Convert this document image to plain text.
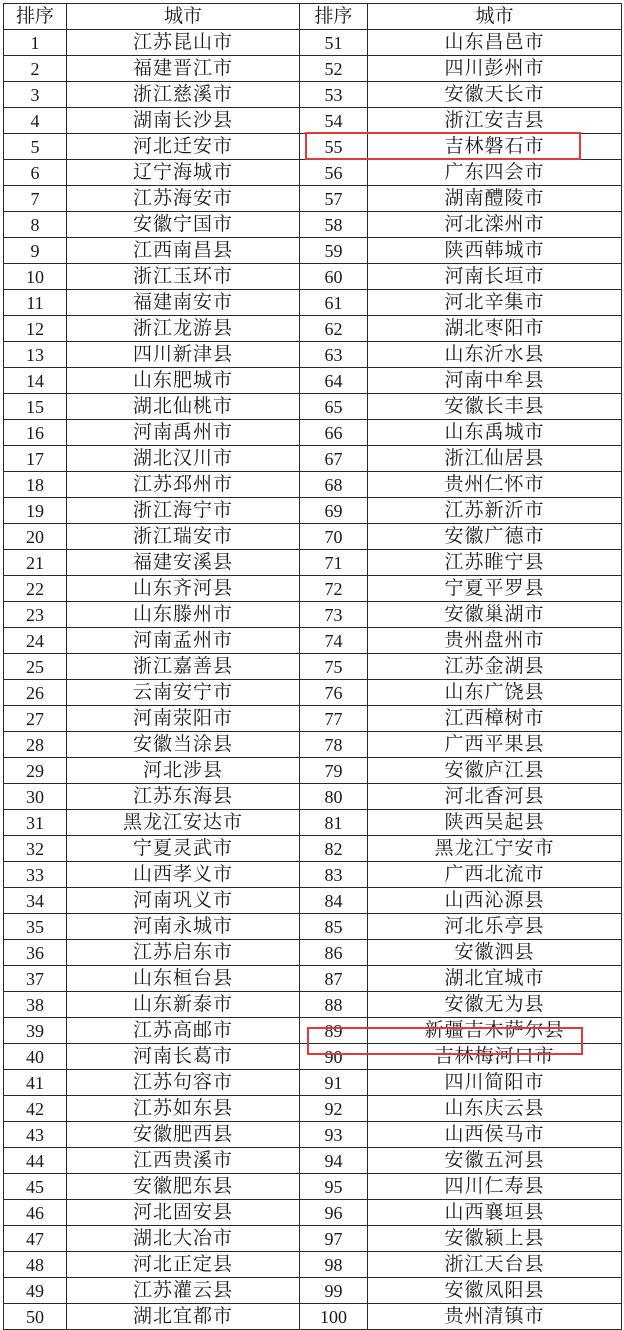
排序	城市	排序	城市
1	江苏昆山市	51	山东昌邑市
2	福建晋江市	52	四川彭州市
3	浙江慈溪市	53	安徽天长市
4	湖南长沙县	54	浙江安吉县
5	河北迁安市	55	吉林磐石市
6	辽宁海城市	56	广东四会市
7	江苏海安市	57	湖南醴陵市
8	安徽宁国市	58	河北滦州市
9	江西南昌县	59	陕西韩城市
10	浙江玉环市	60	河南长垣市
11	福建南安市	61	河北辛集市
12	浙江龙游县	62	湖北枣阳市
13	四川新津县	63	山东沂水县
14	山东肥城市	64	河南中牟县
15	湖北仙桃市	65	安徽长丰县
16	河南禹州市	66	山东禹城市
17	湖北汉川市	67	浙江仙居县
18	江苏邳州市	68	贵州仁怀市
19	浙江海宁市	69	江苏新沂市
20	浙江瑞安市	70	安徽广德市
21	福建安溪县	71	江苏睢宁县
22	山东齐河县	72	宁夏平罗县
23	山东滕州市	73	安徽巢湖市
24	河南孟州市	74	贵州盘州市
25	浙江嘉善县	75	江苏金湖县
26	云南安宁市	76	山东广饶县
27	河南荥阳市	77	江西樟树市
28	安徽当涂县	78	广西平果县
29	河北涉县	79	安徽庐江县
30	江苏东海县	80	河北香河县
31	黑龙江安达市	81	陕西吴起县
32	宁夏灵武市	82	黑龙江宁安市
33	山西孝义市	83	广西北流市
34	河南巩义市	84	山西沁源县
35	河南永城市	85	河北乐亭县
36	江苏启东市	86	安徽泗县
37	山东桓台县	87	湖北宜城市
38	山东新泰市	88	安徽无为县
39	江苏高邮市	89	新疆吉木萨尔县
40	河南长葛市	90	吉林梅河口市
41	江苏句容市	91	四川简阳市
42	江苏如东县	92	山东庆云县
43	安徽肥西县	93	山西侯马市
44	江西贵溪市	94	安徽五河县
45	安徽肥东县	95	四川仁寿县
46	河北固安县	96	山西襄垣县
47	湖北大冶市	97	安徽颍上县
48	河北正定县	98	浙江天台县
49	江苏灌云县	99	安徽凤阳县
50	湖北宜都市	100	贵州清镇市
